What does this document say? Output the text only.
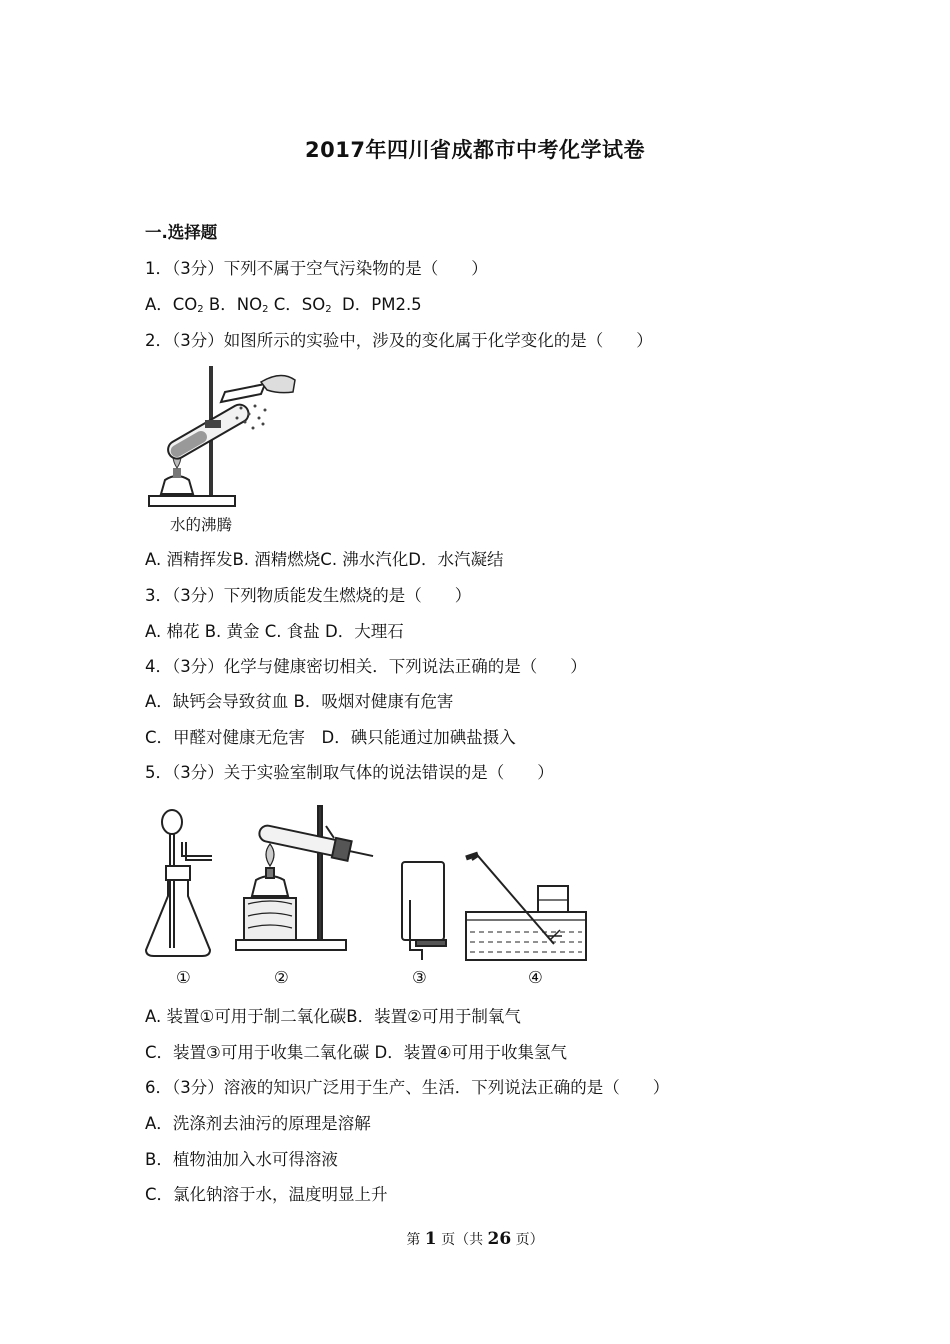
2017年四川省成都市中考化学试卷
一.选择题
1．（3分）下列不属于空气污染物的是（　　）
A．$CO_2$ B．$NO_2$ C．$SO_2$  D．PM2.5
2．（3分）如图所示的实验中，涉及的变化属于化学变化的是（　　）
水的沸腾
A. 酒精挥发B. 酒精燃烧C. 沸水汽化D．水汽凝结
3．（3分）下列物质能发生燃烧的是（　　）
A. 棉花 B. 黄金 C. 食盐 D．大理石
4．（3分）化学与健康密切相关．下列说法正确的是（　　）
A．缺钙会导致贫血 B．吸烟对健康有危害
C．甲醛对健康无危害　D．碘只能通过加碘盐摄入
5．（3分）关于实验室制取气体的说法错误的是（　　）
①	②	③	④
A. 装置①可用于制二氧化碳B．装置②可用于制氧气
C．装置③可用于收集二氧化碳 D．装置④可用于收集氢气
6．（3分）溶液的知识广泛用于生产、生活．下列说法正确的是（　　）
A．洗涤剂去油污的原理是溶解
B．植物油加入水可得溶液
C．氯化钠溶于水，温度明显上升
第 1 页（共 26 页）
